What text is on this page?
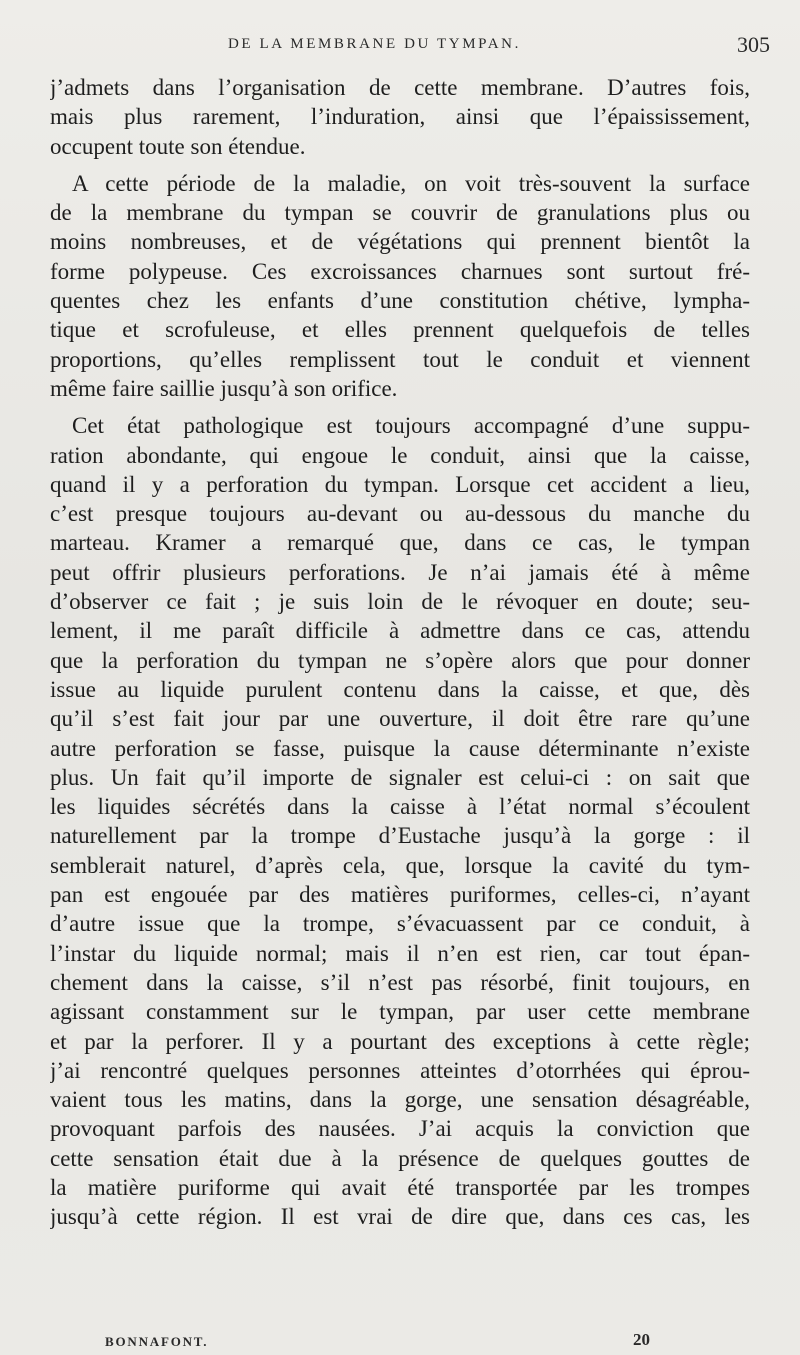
DE LA MEMBRANE DU TYMPAN.	305
j’admets dans l’organisation de cette membrane. D’autres fois,
mais plus rarement, l’induration, ainsi que l’épaississement,
occupent toute son étendue.
A cette période de la maladie, on voit très-souvent la surface
de la membrane du tympan se couvrir de granulations plus ou
moins nombreuses, et de végétations qui prennent bientôt la
forme polypeuse. Ces excroissances charnues sont surtout fré-
quentes chez les enfants d’une constitution chétive, lympha-
tique et scrofuleuse, et elles prennent quelquefois de telles
proportions, qu’elles remplissent tout le conduit et viennent
même faire saillie jusqu’à son orifice.
Cet état pathologique est toujours accompagné d’une suppu-
ration abondante, qui engoue le conduit, ainsi que la caisse,
quand il y a perforation du tympan. Lorsque cet accident a lieu,
c’est presque toujours au-devant ou au-dessous du manche du
marteau. Kramer a remarqué que, dans ce cas, le tympan
peut offrir plusieurs perforations. Je n’ai jamais été à même
d’observer ce fait ; je suis loin de le révoquer en doute; seu-
lement, il me paraît difficile à admettre dans ce cas, attendu
que la perforation du tympan ne s’opère alors que pour donner
issue au liquide purulent contenu dans la caisse, et que, dès
qu’il s’est fait jour par une ouverture, il doit être rare qu’une
autre perforation se fasse, puisque la cause déterminante n’existe
plus. Un fait qu’il importe de signaler est celui-ci : on sait que
les liquides sécrétés dans la caisse à l’état normal s’écoulent
naturellement par la trompe d’Eustache jusqu’à la gorge : il
semblerait naturel, d’après cela, que, lorsque la cavité du tym-
pan est engouée par des matières puriformes, celles-ci, n’ayant
d’autre issue que la trompe, s’évacuassent par ce conduit, à
l’instar du liquide normal; mais il n’en est rien, car tout épan-
chement dans la caisse, s’il n’est pas résorbé, finit toujours, en
agissant constamment sur le tympan, par user cette membrane
et par la perforer. Il y a pourtant des exceptions à cette règle;
j’ai rencontré quelques personnes atteintes d’otorrhées qui éprou-
vaient tous les matins, dans la gorge, une sensation désagréable,
provoquant parfois des nausées. J’ai acquis la conviction que
cette sensation était due à la présence de quelques gouttes de
la matière puriforme qui avait été transportée par les trompes
jusqu’à cette région. Il est vrai de dire que, dans ces cas, les
BONNAFONT.	20
